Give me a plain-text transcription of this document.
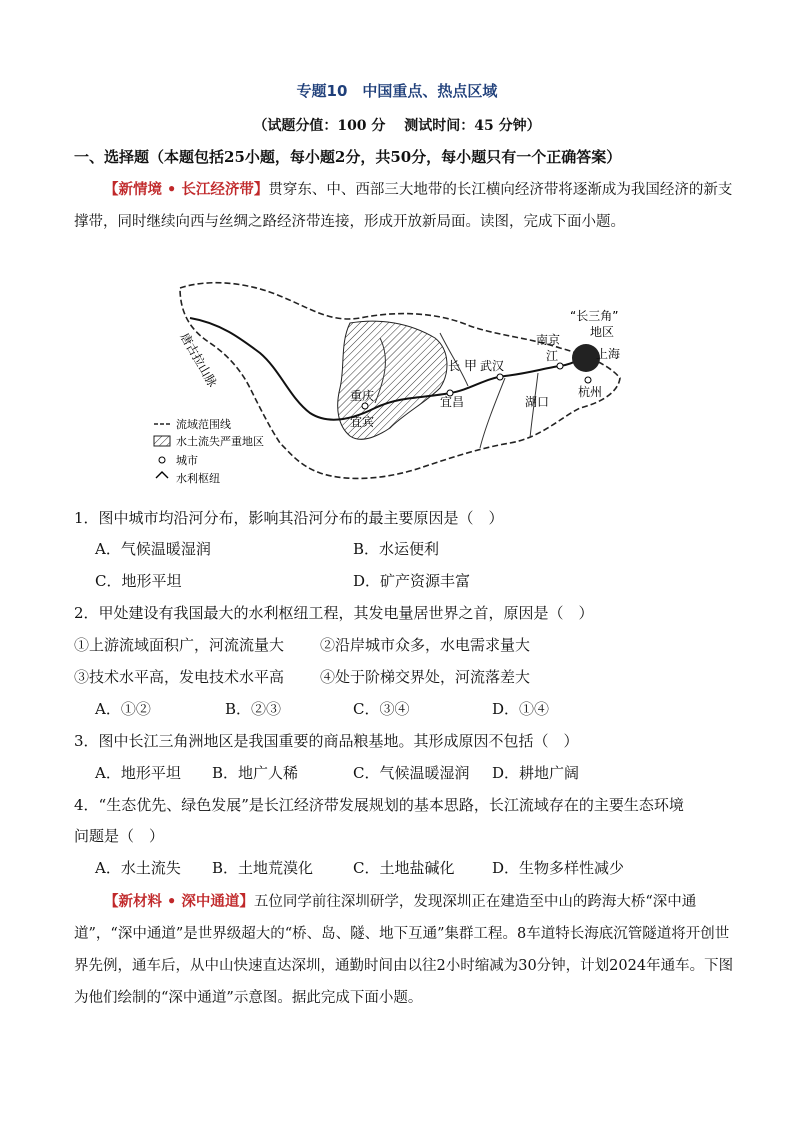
专题10　中国重点、热点区域
（试题分值：100 分　 测试时间：45 分钟）
一、选择题（本题包括25小题，每小题2分，共50分，每小题只有一个正确答案）
【新情境 • 长江经济带】贯穿东、中、西部三大地带的长江横向经济带将逐渐成为我国经济的新支撑带，同时继续向西与丝绸之路经济带连接，形成开放新局面。读图，完成下面小题。
唐古拉山脉
“长三角”
地区
南京
上海
杭州
武汉
长 甲
宜昌
重庆
宜宾
江
湖口
流域范围线
水土流失严重地区
城市
水利枢纽
1．图中城市均沿河分布，影响其沿河分布的最主要原因是（　）
A．气候温暖湿润	B．水运便利
C．地形平坦	D．矿产资源丰富
2．甲处建设有我国最大的水利枢纽工程，其发电量居世界之首，原因是（　）
①上游流域面积广，河流流量大 ②沿岸城市众多，水电需求量大
③技术水平高，发电技术水平高 ④处于阶梯交界处，河流落差大
A．①②	B．②③	C．③④	D．①④
3．图中长江三角洲地区是我国重要的商品粮基地。其形成原因不包括（　）
A．地形平坦 B．地广人稀	C．气候温暖湿润 D．耕地广阔
4．“生态优先、绿色发展”是长江经济带发展规划的基本思路，长江流域存在的主要生态环境
问题是（　）
A．水土流失 B．土地荒漠化	C．土地盐碱化	D．生物多样性减少
【新材料 • 深中通道】五位同学前往深圳研学，发现深圳正在建造至中山的跨海大桥“深中通道”，“深中通道”是世界级超大的“桥、岛、隧、地下互通”集群工程。8车道特长海底沉管隧道将开创世界先例，通车后，从中山快速直达深圳，通勤时间由以往2小时缩减为30分钟，计划2024年通车。下图为他们绘制的“深中通道”示意图。据此完成下面小题。
